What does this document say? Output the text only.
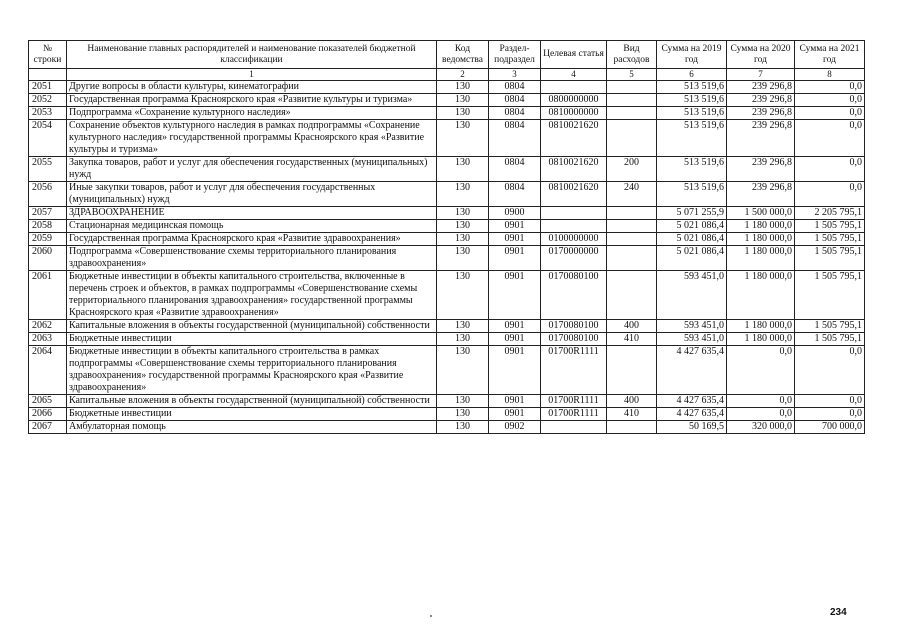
№ строки	Наименование главных распорядителей и наименование показателей бюджетной классификации	Код ведомства	Раздел-подраздел	Целевая статья	Вид расходов	Сумма на 2019 год	Сумма на 2020 год	Сумма на 2021 год
	1	2	3	4	5	6	7	8
2051	Другие вопросы в области культуры, кинематографии	130	0804			513 519,6	239 296,8	0,0
2052	Государственная программа Красноярского края «Развитие культуры и туризма»	130	0804	0800000000		513 519,6	239 296,8	0,0
2053	Подпрограмма «Сохранение культурного наследия»	130	0804	0810000000		513 519,6	239 296,8	0,0
2054	Сохранение объектов культурного наследия в рамках подпрограммы «Сохранение культурного наследия» государственной программы Красноярского края «Развитие культуры и туризма»	130	0804	0810021620		513 519,6	239 296,8	0,0
2055	Закупка товаров, работ и услуг для обеспечения государственных (муниципальных) нужд	130	0804	0810021620	200	513 519,6	239 296,8	0,0
2056	Иные закупки товаров, работ и услуг для обеспечения государственных (муниципальных) нужд	130	0804	0810021620	240	513 519,6	239 296,8	0,0
2057	ЗДРАВООХРАНЕНИЕ	130	0900			5 071 255,9	1 500 000,0	2 205 795,1
2058	Стационарная медицинская помощь	130	0901			5 021 086,4	1 180 000,0	1 505 795,1
2059	Государственная программа Красноярского края «Развитие здравоохранения»	130	0901	0100000000		5 021 086,4	1 180 000,0	1 505 795,1
2060	Подпрограмма «Совершенствование схемы территориального планирования здравоохранения»	130	0901	0170000000		5 021 086,4	1 180 000,0	1 505 795,1
2061	Бюджетные инвестиции в объекты капитального строительства, включенные в перечень строек и объектов, в рамках подпрограммы «Совершенствование схемы территориального планирования здравоохранения» государственной программы Красноярского края «Развитие здравоохранения»	130	0901	0170080100		593 451,0	1 180 000,0	1 505 795,1
2062	Капитальные вложения в объекты государственной (муниципальной) собственности	130	0901	0170080100	400	593 451,0	1 180 000,0	1 505 795,1
2063	Бюджетные инвестиции	130	0901	0170080100	410	593 451,0	1 180 000,0	1 505 795,1
2064	Бюджетные инвестиции в объекты капитального строительства в рамках подпрограммы «Совершенствование схемы территориального планирования здравоохранения» государственной программы Красноярского края «Развитие здравоохранения»	130	0901	01700R1111		4 427 635,4	0,0	0,0
2065	Капитальные вложения в объекты государственной (муниципальной) собственности	130	0901	01700R1111	400	4 427 635,4	0,0	0,0
2066	Бюджетные инвестиции	130	0901	01700R1111	410	4 427 635,4	0,0	0,0
2067	Амбулаторная помощь	130	0902			50 169,5	320 000,0	700 000,0
234
